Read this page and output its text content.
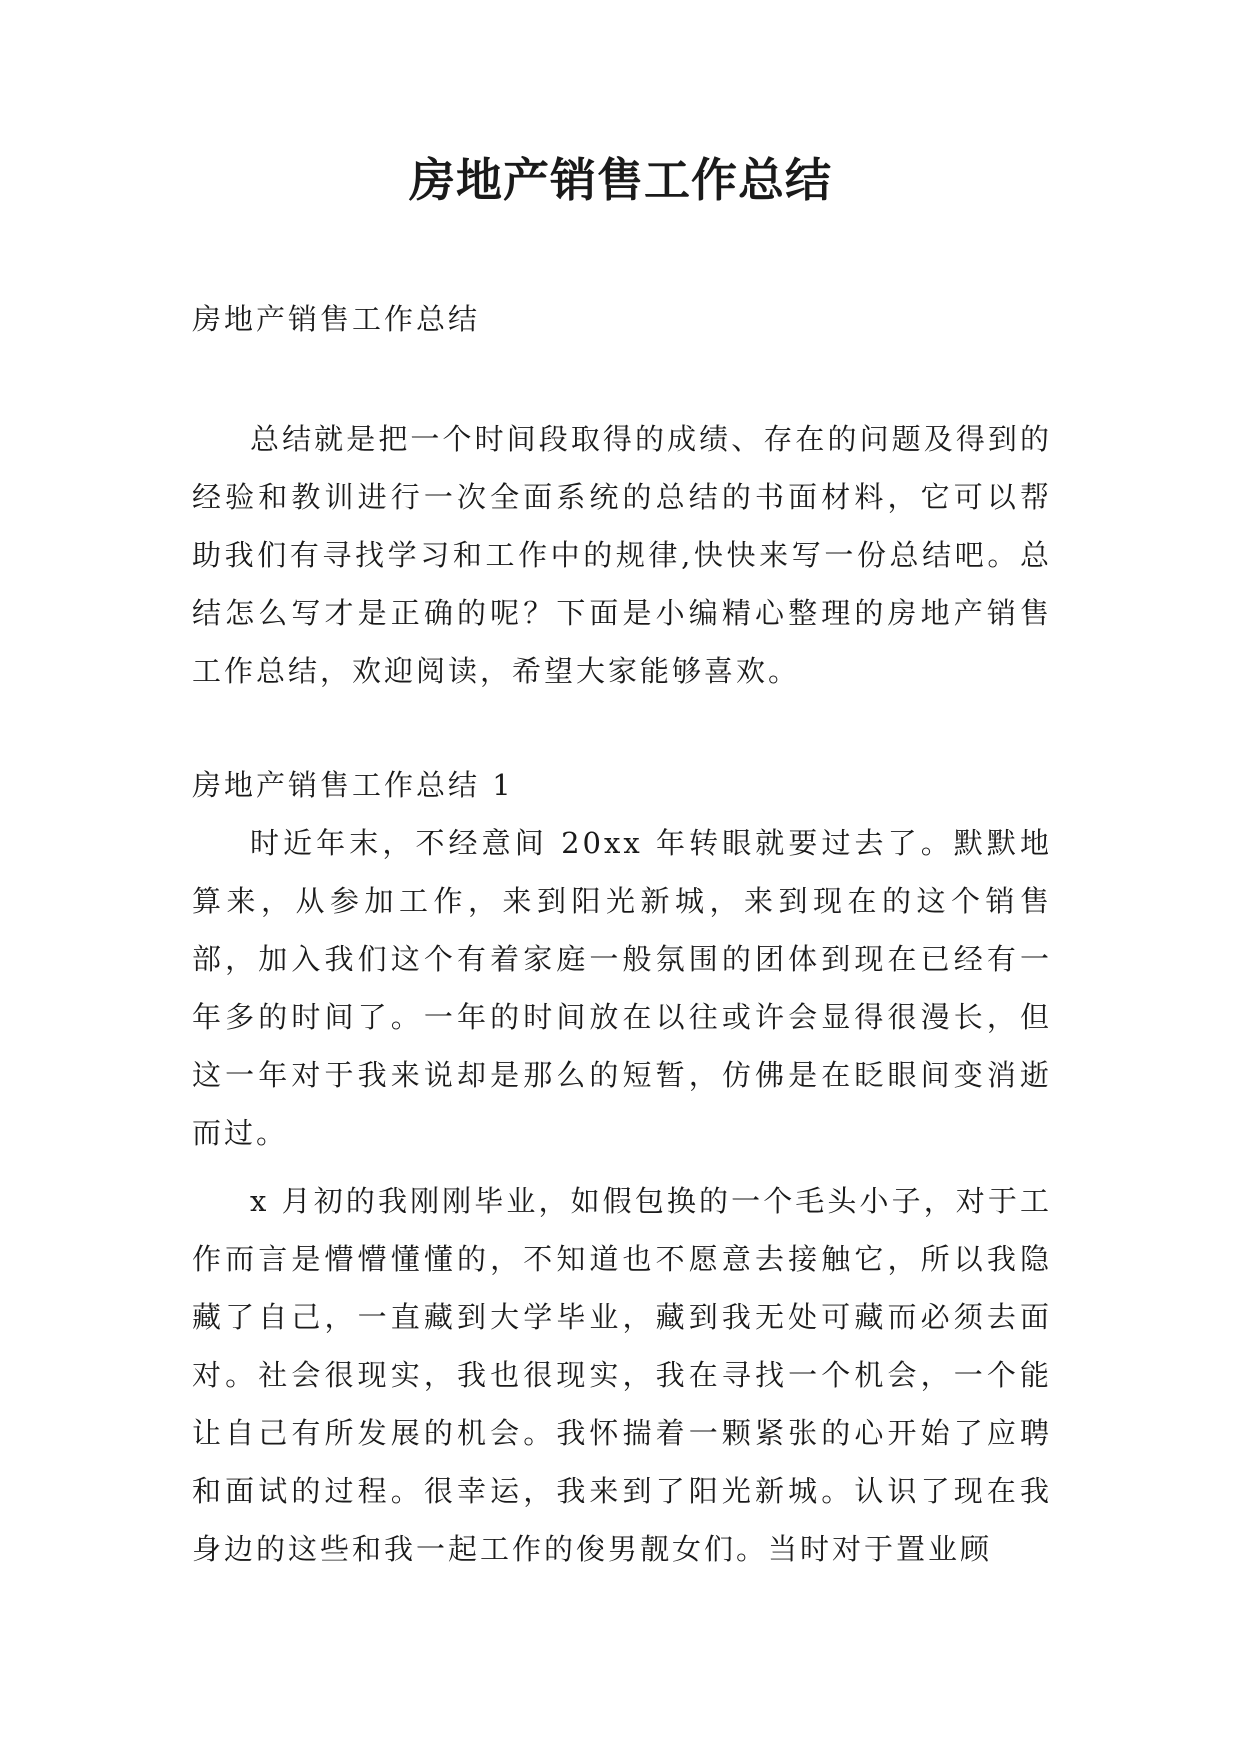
房地产销售工作总结

房地产销售工作总结

总结就是把一个时间段取得的成绩、存在的问题及得到的经验和教训进行一次全面系统的总结的书面材料，它可以帮助我们有寻找学习和工作中的规律,快快来写一份总结吧。总结怎么写才是正确的呢？下面是小编精心整理的房地产销售工作总结，欢迎阅读，希望大家能够喜欢。

房地产销售工作总结 1

时近年末，不经意间 20xx 年转眼就要过去了。默默地算来，从参加工作，来到阳光新城，来到现在的这个销售部，加入我们这个有着家庭一般氛围的团体到现在已经有一年多的时间了。一年的时间放在以往或许会显得很漫长，但这一年对于我来说却是那么的短暂，仿佛是在眨眼间变消逝而过。

x 月初的我刚刚毕业，如假包换的一个毛头小子，对于工作而言是懵懵懂懂的，不知道也不愿意去接触它，所以我隐藏了自己，一直藏到大学毕业，藏到我无处可藏而必须去面对。社会很现实，我也很现实，我在寻找一个机会，一个能让自己有所发展的机会。我怀揣着一颗紧张的心开始了应聘和面试的过程。很幸运，我来到了阳光新城。认识了现在我身边的这些和我一起工作的俊男靓女们。当时对于置业顾
